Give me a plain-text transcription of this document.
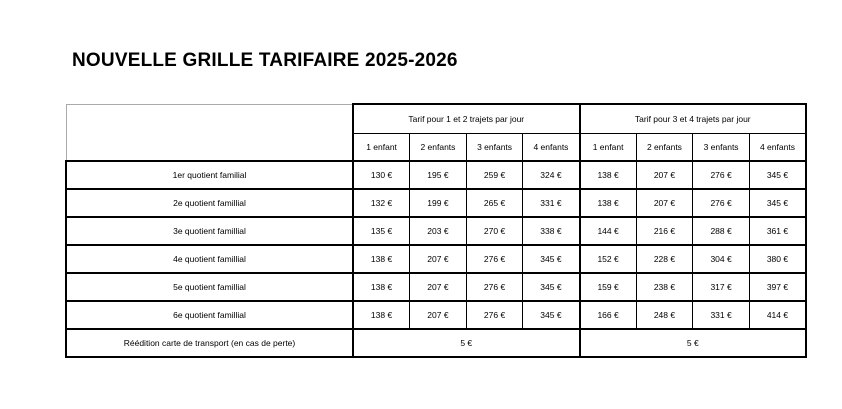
NOUVELLE GRILLE TARIFAIRE 2025-2026
	Tarif pour 1 et 2 trajets par jour				Tarif pour 3 et 4 trajets par jour			
	1 enfant	2 enfants	3 enfants	4 enfants	1 enfant	2 enfants	3 enfants	4 enfants
1er quotient familial	130 €	195 €	259 €	324 €	138 €	207 €	276 €	345 €
2e quotient famillial	132 €	199 €	265 €	331 €	138 €	207 €	276 €	345 €
3e quotient famillial	135 €	203 €	270 €	338 €	144 €	216 €	288 €	361 €
4e quotient famillial	138 €	207 €	276 €	345 €	152 €	228 €	304 €	380 €
5e quotient famillial	138 €	207 €	276 €	345 €	159 €	238 €	317 €	397 €
6e quotient famillial	138 €	207 €	276 €	345 €	166 €	248 €	331 €	414 €
Réédition carte de transport (en cas de perte)	5 €				5 €			
